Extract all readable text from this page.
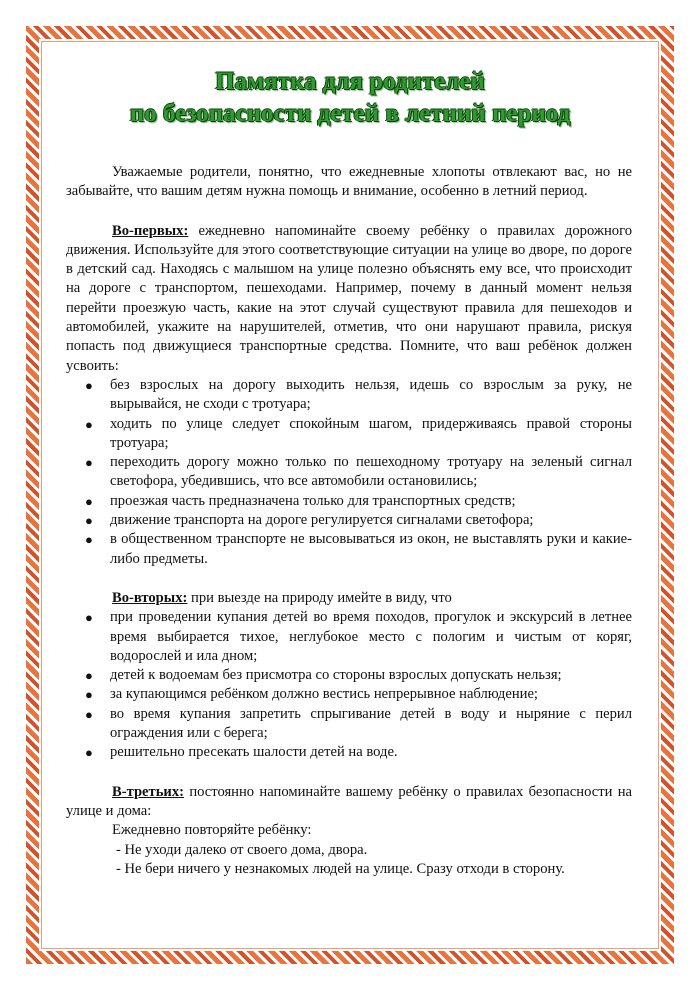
Памятка для родителей
по безопасности детей в летний период

Уважаемые родители, понятно, что ежедневные хлопоты отвлекают вас, но не забывайте, что вашим детям нужна помощь и внимание, особенно в летний период.

Во-первых: ежедневно напоминайте своему ребёнку о правилах дорожного движения. Используйте для этого соответствующие ситуации на улице во дворе, по дороге в детский сад. Находясь с малышом на улице полезно объяснять ему все, что происходит на дороге с транспортом, пешеходами. Например, почему в данный момент нельзя перейти проезжую часть, какие на этот случай существуют правила для пешеходов и автомобилей, укажите на нарушителей, отметив, что они нарушают правила, рискуя попасть под движущиеся транспортные средства. Помните, что ваш ребёнок должен усвоить:

● без взрослых на дорогу выходить нельзя, идешь со взрослым за руку, не вырывайся, не сходи с тротуара;
● ходить по улице следует спокойным шагом, придерживаясь правой стороны тротуара;
● переходить дорогу можно только по пешеходному тротуару на зеленый сигнал светофора, убедившись, что все автомобили остановились;
● проезжая часть предназначена только для транспортных средств;
● движение транспорта на дороге регулируется сигналами светофора;
● в общественном транспорте не высовываться из окон, не выставлять руки и какие-либо предметы.

Во-вторых: при выезде на природу имейте в виду, что

● при проведении купания детей во время походов, прогулок и экскурсий в летнее время выбирается тихое, неглубокое место с пологим и чистым от коряг, водорослей и ила дном;
● детей к водоемам без присмотра со стороны взрослых допускать нельзя;
● за купающимся ребёнком должно вестись непрерывное наблюдение;
● во время купания запретить спрыгивание детей в воду и ныряние с перил ограждения или с берега;
● решительно пресекать шалости детей на воде.

В-третьих: постоянно напоминайте вашему ребёнку о правилах безопасности на улице и дома:

Ежедневно повторяйте ребёнку:
- Не уходи далеко от своего дома, двора.
- Не бери ничего у незнакомых людей на улице. Сразу отходи в сторону.
